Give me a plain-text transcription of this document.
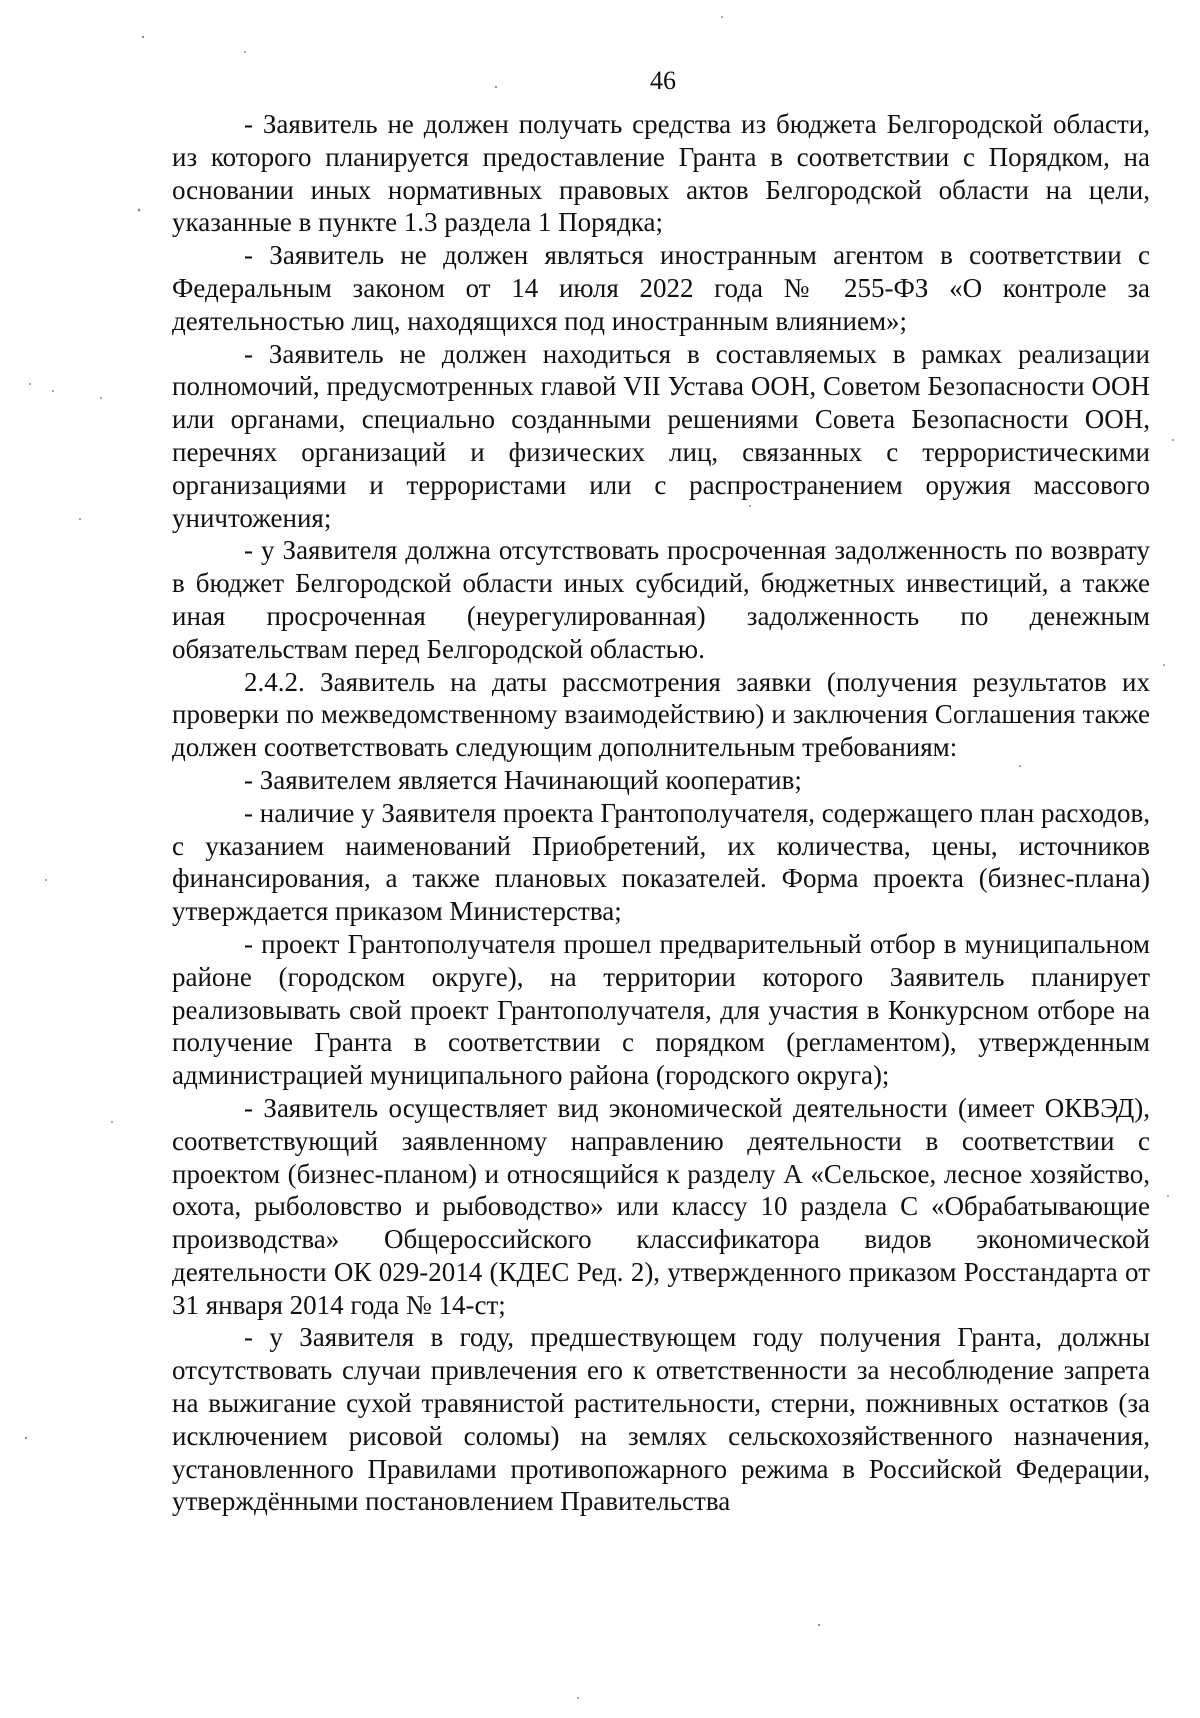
46

- Заявитель не должен получать средства из бюджета Белгородской области, из которого планируется предоставление Гранта в соответствии с Порядком, на основании иных нормативных правовых актов Белгородской области на цели, указанные в пункте 1.3 раздела 1 Порядка;

- Заявитель не должен являться иностранным агентом в соответствии с Федеральным законом от 14 июля 2022 года № 255-ФЗ «О контроле за деятельностью лиц, находящихся под иностранным влиянием»;

- Заявитель не должен находиться в составляемых в рамках реализации полномочий, предусмотренных главой VII Устава ООН, Советом Безопасности ООН или органами, специально созданными решениями Совета Безопасности ООН, перечнях организаций и физических лиц, связанных с террористическими организациями и террористами или с распространением оружия массового уничтожения;

- у Заявителя должна отсутствовать просроченная задолженность по возврату в бюджет Белгородской области иных субсидий, бюджетных инвестиций, а также иная просроченная (неурегулированная) задолженность по денежным обязательствам перед Белгородской областью.

2.4.2. Заявитель на даты рассмотрения заявки (получения результатов их проверки по межведомственному взаимодействию) и заключения Соглашения также должен соответствовать следующим дополнительным требованиям:

- Заявителем является Начинающий кооператив;

- наличие у Заявителя проекта Грантополучателя, содержащего план расходов, с указанием наименований Приобретений, их количества, цены, источников финансирования, а также плановых показателей. Форма проекта (бизнес-плана) утверждается приказом Министерства;

- проект Грантополучателя прошел предварительный отбор в муниципальном районе (городском округе), на территории которого Заявитель планирует реализовывать свой проект Грантополучателя, для участия в Конкурсном отборе на получение Гранта в соответствии с порядком (регламентом), утвержденным администрацией муниципального района (городского округа);

- Заявитель осуществляет вид экономической деятельности (имеет ОКВЭД), соответствующий заявленному направлению деятельности в соответствии с проектом (бизнес-планом) и относящийся к разделу А «Сельское, лесное хозяйство, охота, рыболовство и рыбоводство» или классу 10 раздела С «Обрабатывающие производства» Общероссийского классификатора видов экономической деятельности ОК 029-2014 (КДЕС Ред. 2), утвержденного приказом Росстандарта от 31 января 2014 года № 14-ст;

- у Заявителя в году, предшествующем году получения Гранта, должны отсутствовать случаи привлечения его к ответственности за несоблюдение запрета на выжигание сухой травянистой растительности, стерни, пожнивных остатков (за исключением рисовой соломы) на землях сельскохозяйственного назначения, установленного Правилами противопожарного режима в Российской Федерации, утверждёнными постановлением Правительства
